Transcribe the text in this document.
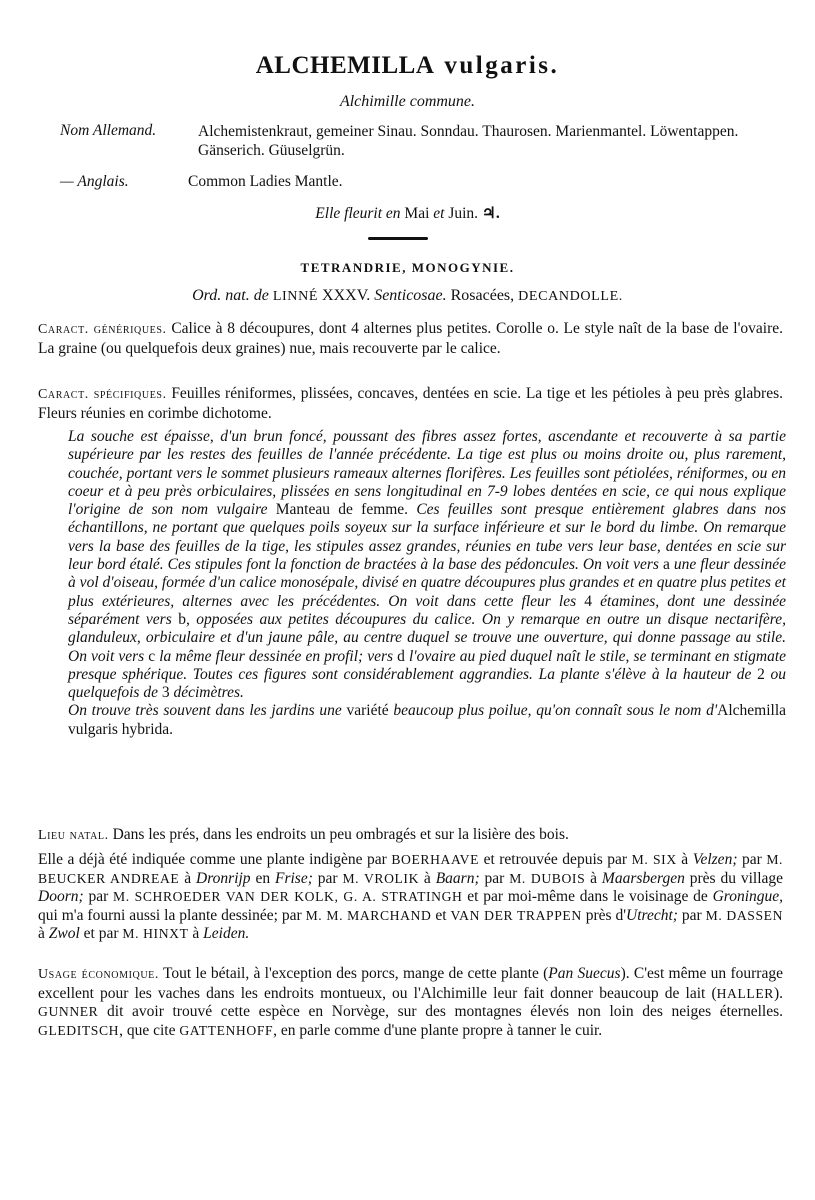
ALCHEMILLA vulgaris.
Alchimille commune.
Nom Allemand.	Alchemistenkraut, gemeiner Sinau. Sonndau. Thaurosen. Marienmantel. Löwentappen. Gänserich. Güuselgrün.
— Anglais.	Common Ladies Mantle.
Elle fleurit en Mai et Juin. ♃.
TETRANDRIE, MONOGYNIE.
Ord. nat. de LINNÉ XXXV. Senticosae. Rosacées, DECANDOLLE.

Caract. génériques. Calice à 8 découpures, dont 4 alternes plus petites. Corolle o. Le style naît de la base de l'ovaire. La graine (ou quelquefois deux graines) nue, mais recouverte par le calice.

Caract. spécifiques. Feuilles réniformes, plissées, concaves, dentées en scie. La tige et les pétioles à peu près glabres. Fleurs réunies en corimbe dichotome.

La souche est épaisse, d'un brun foncé, poussant des fibres assez fortes, ascendante et recouverte à sa partie supérieure par les restes des feuilles de l'année précédente. La tige est plus ou moins droite ou, plus rarement, couchée, portant vers le sommet plusieurs rameaux alternes florifères. Les feuilles sont pétiolées, réniformes, ou en coeur et à peu près orbiculaires, plissées en sens longitudinal en 7-9 lobes dentées en scie, ce qui nous explique l'origine de son nom vulgaire Manteau de femme. Ces feuilles sont presque entièrement glabres dans nos échantillons, ne portant que quelques poils soyeux sur la surface inférieure et sur le bord du limbe. On remarque vers la base des feuilles de la tige, les stipules assez grandes, réunies en tube vers leur base, dentées en scie sur leur bord étalé. Ces stipules font la fonction de bractées à la base des pédoncules. On voit vers a une fleur dessinée à vol d'oiseau, formée d'un calice monosépale, divisé en quatre découpures plus grandes et en quatre plus petites et plus extérieures, alternes avec les précédentes. On voit dans cette fleur les 4 étamines, dont une dessinée séparément vers b, opposées aux petites découpures du calice. On y remarque en outre un disque nectarifère, glanduleux, orbiculaire et d'un jaune pâle, au centre duquel se trouve une ouverture, qui donne passage au stile. On voit vers c la même fleur dessinée en profil; vers d l'ovaire au pied duquel naît le stile, se terminant en stigmate presque sphérique. Toutes ces figures sont considérablement aggrandies. La plante s'élève à la hauteur de 2 ou quelquefois de 3 décimètres.

On trouve très souvent dans les jardins une variété beaucoup plus poilue, qu'on connaît sous le nom d'Alchemilla vulgaris hybrida.

Lieu natal. Dans les prés, dans les endroits un peu ombragés et sur la lisière des bois.

Elle a déjà été indiquée comme une plante indigène par BOERHAAVE et retrouvée depuis par M. SIX à Velzen; par M. BEUCKER ANDREAE à Dronrijp en Frise; par M. VROLIK à Baarn; par M. DUBOIS à Maarsbergen près du village Doorn; par M. SCHROEDER VAN DER KOLK, G. A. STRATINGH et par moi-même dans le voisinage de Groningue, qui m'a fourni aussi la plante dessinée; par M. M. MARCHAND et VAN DER TRAPPEN près d'Utrecht; par M. DASSEN à Zwol et par M. HINXT à Leiden.

Usage économique. Tout le bétail, à l'exception des porcs, mange de cette plante (Pan Suecus). C'est même un fourrage excellent pour les vaches dans les endroits montueux, ou l'Alchimille leur fait donner beaucoup de lait (HALLER). GUNNER dit avoir trouvé cette espèce en Norvège, sur des montagnes élevés non loin des neiges éternelles. GLEDITSCH, que cite GATTENHOFF, en parle comme d'une plante propre à tanner le cuir.
